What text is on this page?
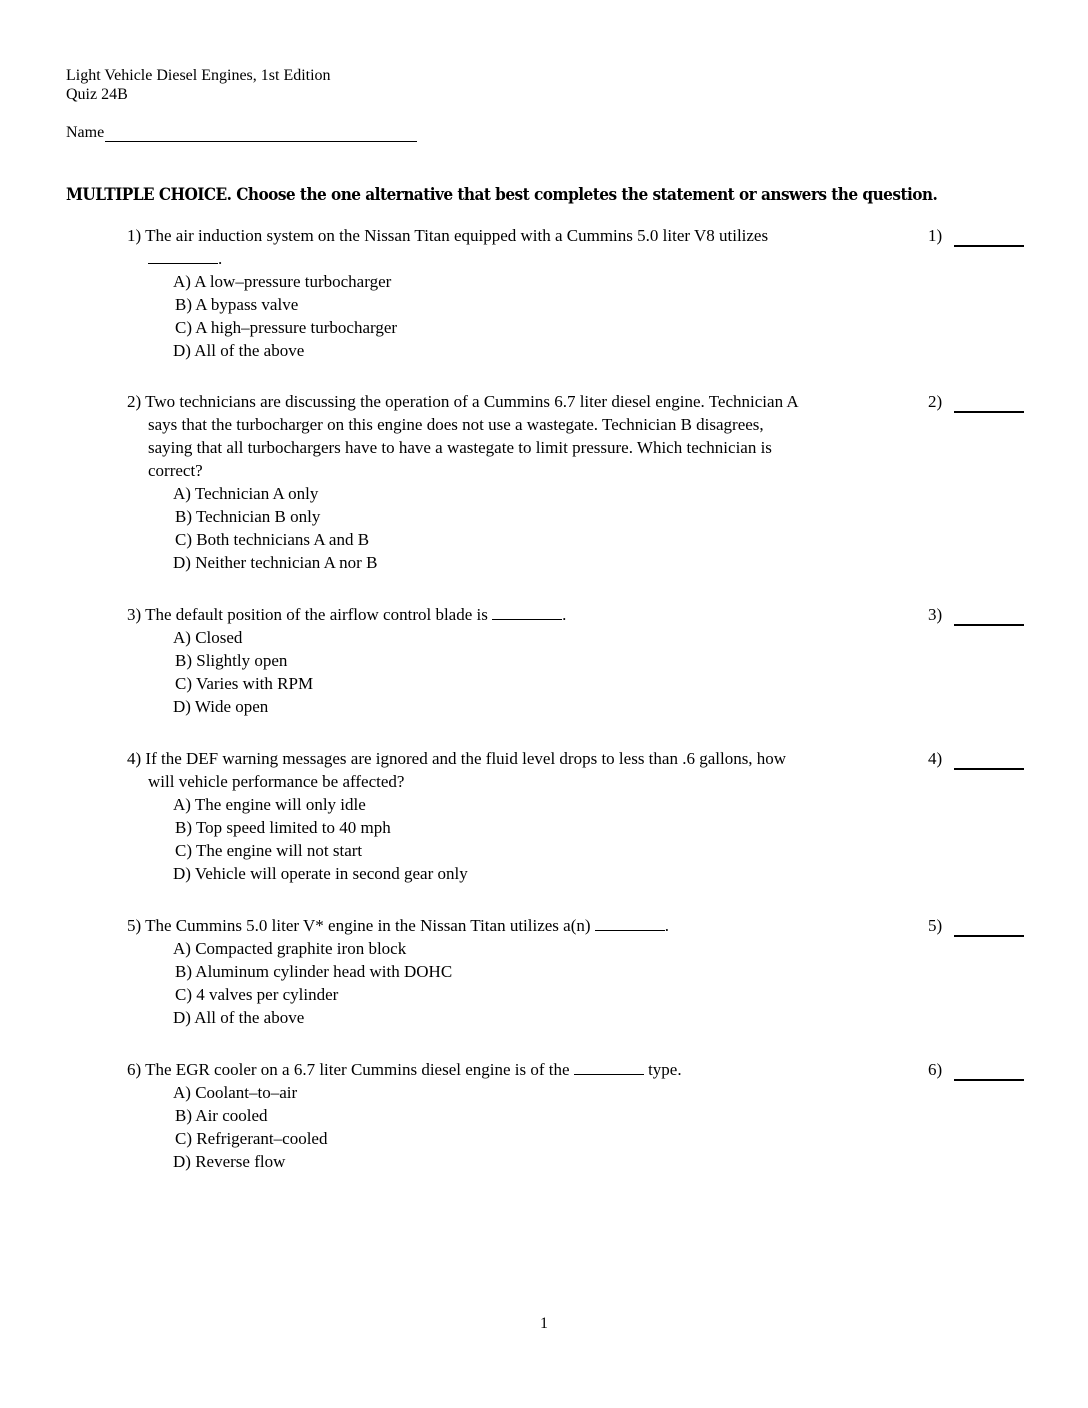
Light Vehicle Diesel Engines, 1st Edition
Quiz 24B
Name
MULTIPLE CHOICE. Choose the one alternative that best completes the statement or answers the question.
1) The air induction system on the Nissan Titan equipped with a Cummins 5.0 liter V8 utilizes
.
A) A low–pressure turbocharger
B) A bypass valve
C) A high–pressure turbocharger
D) All of the above
1)
2) Two technicians are discussing the operation of a Cummins 6.7 liter diesel engine. Technician A
says that the turbocharger on this engine does not use a wastegate. Technician B disagrees,
saying that all turbochargers have to have a wastegate to limit pressure. Which technician is
correct?
A) Technician A only
B) Technician B only
C) Both technicians A and B
D) Neither technician A nor B
2)
3) The default position of the airflow control blade is	.
A) Closed
B) Slightly open
C) Varies with RPM
D) Wide open
3)
4) If the DEF warning messages are ignored and the fluid level drops to less than .6 gallons, how
will vehicle performance be affected?
A) The engine will only idle
B) Top speed limited to 40 mph
C) The engine will not start
D) Vehicle will operate in second gear only
4)
5) The Cummins 5.0 liter V* engine in the Nissan Titan utilizes a(n)	.
A) Compacted graphite iron block
B) Aluminum cylinder head with DOHC
C) 4 valves per cylinder
D) All of the above
5)
6) The EGR cooler on a 6.7 liter Cummins diesel engine is of the	type.
A) Coolant–to–air
B) Air cooled
C) Refrigerant–cooled
D) Reverse flow
6)
1
